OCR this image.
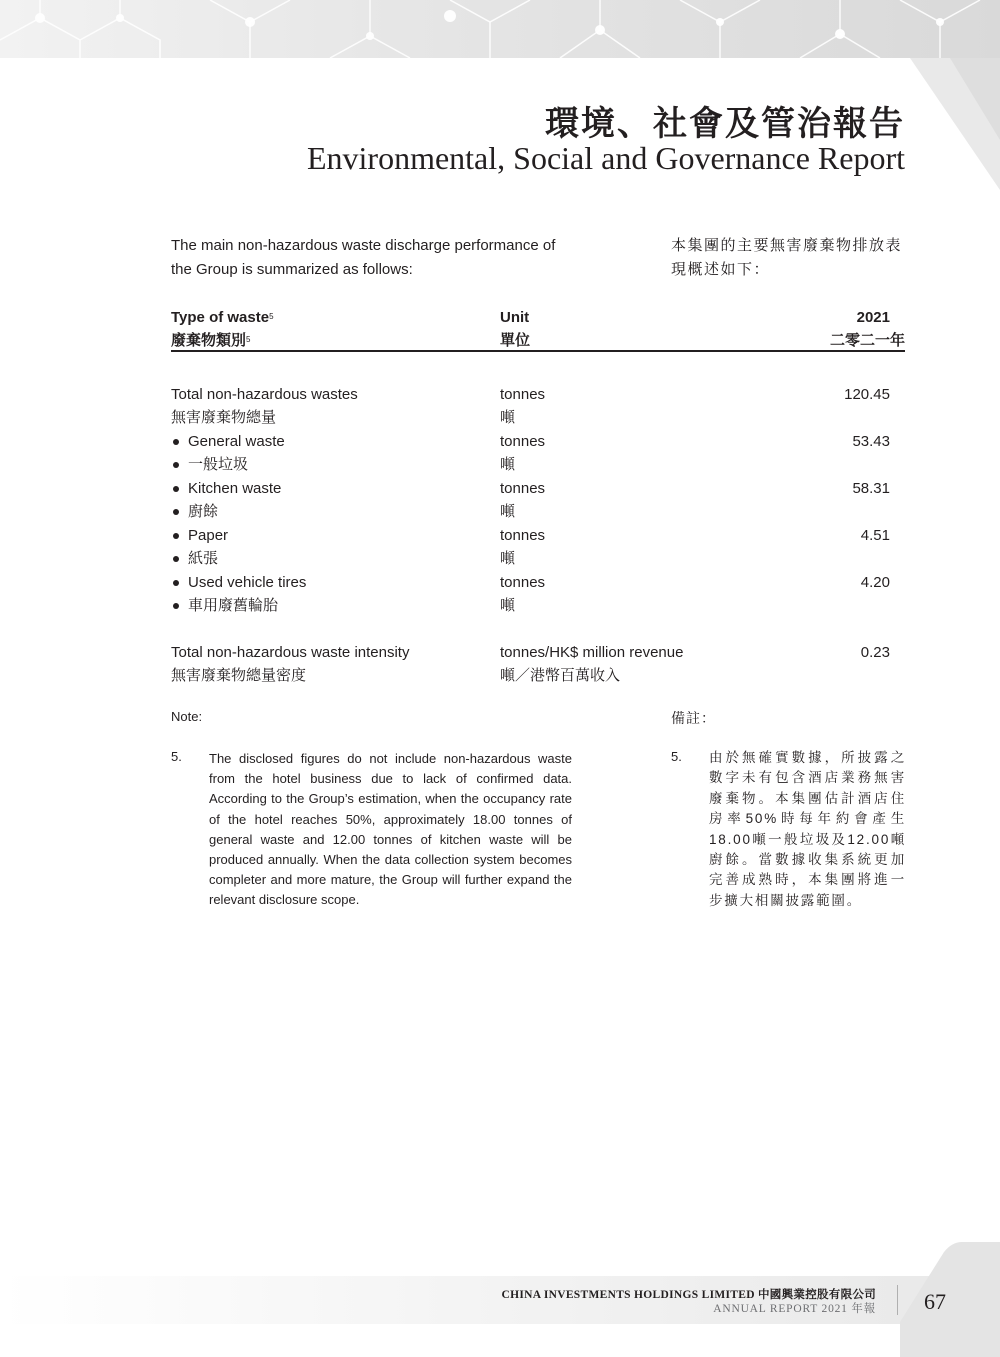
環境、社會及管治報告
Environmental, Social and Governance Report
The main non-hazardous waste discharge performance of
the Group is summarized as follows:
本集團的主要無害廢棄物排放表
現概述如下：
Type of waste$^5$
廢棄物類別$^5$
Unit
單位
2021
二零二一年
Total non-hazardous wastes
無害廢棄物總量
tonnes
噸
120.45
General waste
一般垃圾
tonnes
噸
53.43
Kitchen waste
廚餘
tonnes
噸
58.31
Paper
紙張
tonnes
噸
4.51
Used vehicle tires
車用廢舊輪胎
tonnes
噸
4.20
Total non-hazardous waste intensity
無害廢棄物總量密度
tonnes/HK$ million revenue
噸／港幣百萬收入
0.23
Note:	備註：
5. The disclosed figures do not include non-hazardous waste from the hotel business due to lack of confirmed data. According to the Group’s estimation, when the occupancy rate of the hotel reaches 50%, approximately 18.00 tonnes of general waste and 12.00 tonnes of kitchen waste will be produced annually. When the data collection system becomes completer and more mature, the Group will further expand the relevant disclosure scope.
5. 由於無確實數據，所披露之數字未有包含酒店業務無害廢棄物。本集團估計酒店住房率50%時每年約會產生18.00噸一般垃圾及12.00噸廚餘。當數據收集系統更加完善成熟時，本集團將進一步擴大相關披露範圍。
CHINA INVESTMENTS HOLDINGS LIMITED 中國興業控股有限公司
ANNUAL REPORT 2021 年報 67
